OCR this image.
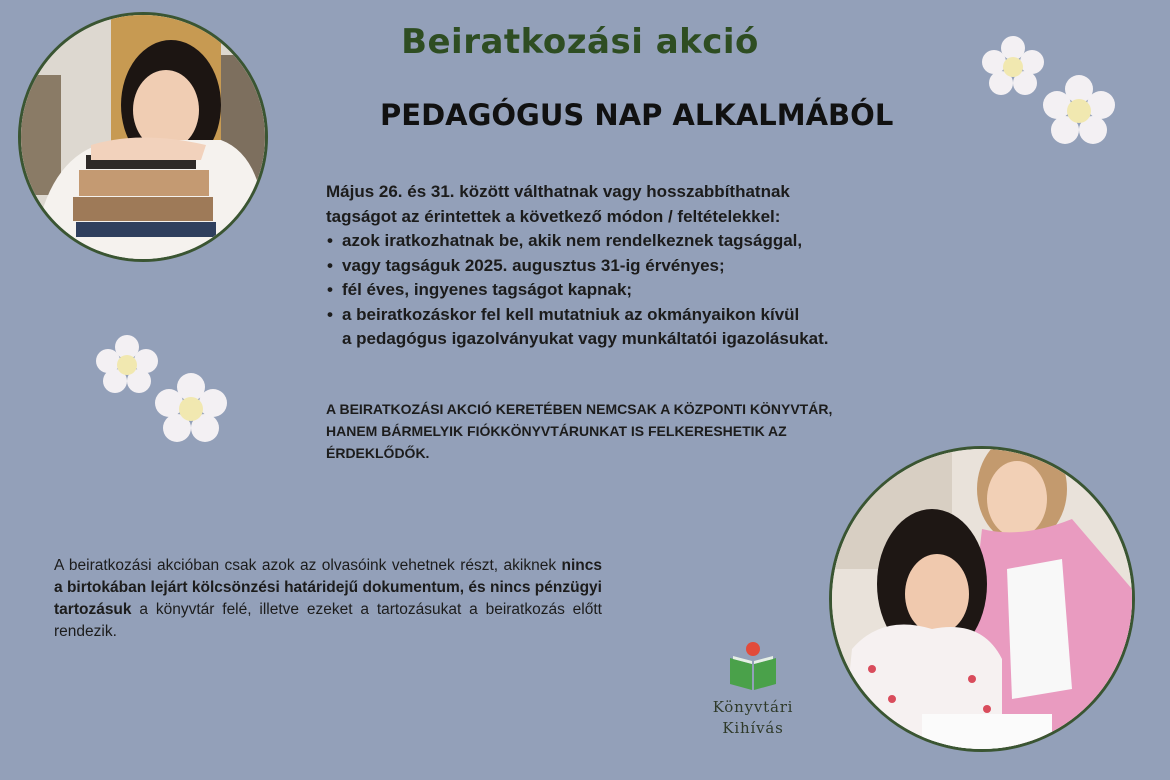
Beiratkozási akció
PEDAGÓGUS NAP ALKALMÁBÓL

Május 26. és 31. között válthatnak vagy hosszabbíthatnak

tagságot az érintettek a következő módon / feltételekkel:

• azok iratkozhatnak be, akik nem rendelkeznek tagsággal,
• vagy tagságuk 2025. augusztus 31-ig érvényes;
• fél éves, ingyenes tagságot kapnak;
• a beiratkozáskor fel kell mutatniuk az okmányaikon kívül
a pedagógus igazolványukat vagy munkáltatói igazolásukat.
A BEIRATKOZÁSI AKCIÓ KERETÉBEN NEMCSAK A KÖZPONTI KÖNYVTÁR,
HANEM BÁRMELYIK FIÓKKÖNYVTÁRUNKAT IS FELKERESHETIK AZ
ÉRDEKLŐDŐK.
A beiratkozási akcióban csak azok az olvasóink vehetnek részt, akiknek nincs a birtokában lejárt kölcsönzési határidejű dokumentum, és nincs pénzügyi tartozásuk a könyvtár felé, illetve ezeket a tartozásukat a beiratkozás előtt rendezik.
Könyvtári
Kihívás
